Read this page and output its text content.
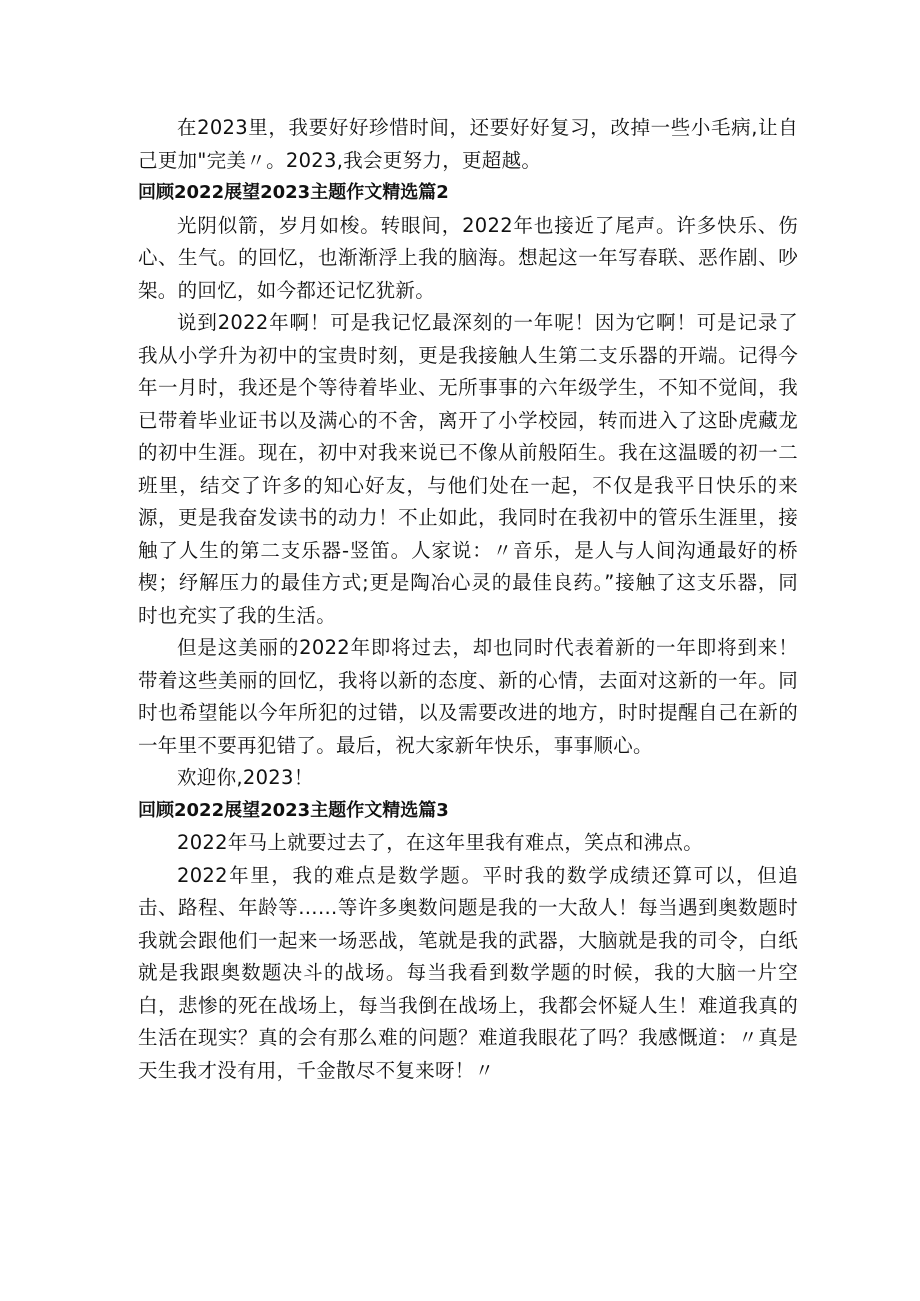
在2023里，我要好好珍惜时间，还要好好复习，改掉一些小毛病,让自己更加"完美〃。2023,我会更努力，更超越。

回顾2022展望2023主题作文精选篇2

光阴似箭，岁月如梭。转眼间，2022年也接近了尾声。许多快乐、伤心、生气。的回忆，也渐渐浮上我的脑海。想起这一年写春联、恶作剧、吵架。的回忆，如今都还记忆犹新。

说到2022年啊！可是我记忆最深刻的一年呢！因为它啊！可是记录了我从小学升为初中的宝贵时刻，更是我接触人生第二支乐器的开端。记得今年一月时，我还是个等待着毕业、无所事事的六年级学生，不知不觉间，我已带着毕业证书以及满心的不舍，离开了小学校园，转而进入了这卧虎藏龙的初中生涯。现在，初中对我来说已不像从前般陌生。我在这温暖的初一二班里，结交了许多的知心好友，与他们处在一起，不仅是我平日快乐的来源，更是我奋发读书的动力！不止如此，我同时在我初中的管乐生涯里，接触了人生的第二支乐器-竖笛。人家说：〃音乐，是人与人间沟通最好的桥楔；纾解压力的最佳方式;更是陶冶心灵的最佳良药。”接触了这支乐器，同时也充实了我的生活。

但是这美丽的2022年即将过去，却也同时代表着新的一年即将到来！带着这些美丽的回忆，我将以新的态度、新的心情，去面对这新的一年。同时也希望能以今年所犯的过错，以及需要改进的地方，时时提醒自己在新的一年里不要再犯错了。最后，祝大家新年快乐，事事顺心。

欢迎你,2023！

回顾2022展望2023主题作文精选篇3

2022年马上就要过去了，在这年里我有难点，笑点和沸点。

2022年里，我的难点是数学题。平时我的数学成绩还算可以，但追击、路程、年龄等……等许多奥数问题是我的一大敌人！每当遇到奥数题时我就会跟他们一起来一场恶战，笔就是我的武器，大脑就是我的司令，白纸就是我跟奥数题决斗的战场。每当我看到数学题的时候，我的大脑一片空白，悲惨的死在战场上，每当我倒在战场上，我都会怀疑人生！难道我真的生活在现实？真的会有那么难的问题？难道我眼花了吗？我感慨道：〃真是天生我才没有用，千金散尽不复来呀！〃
